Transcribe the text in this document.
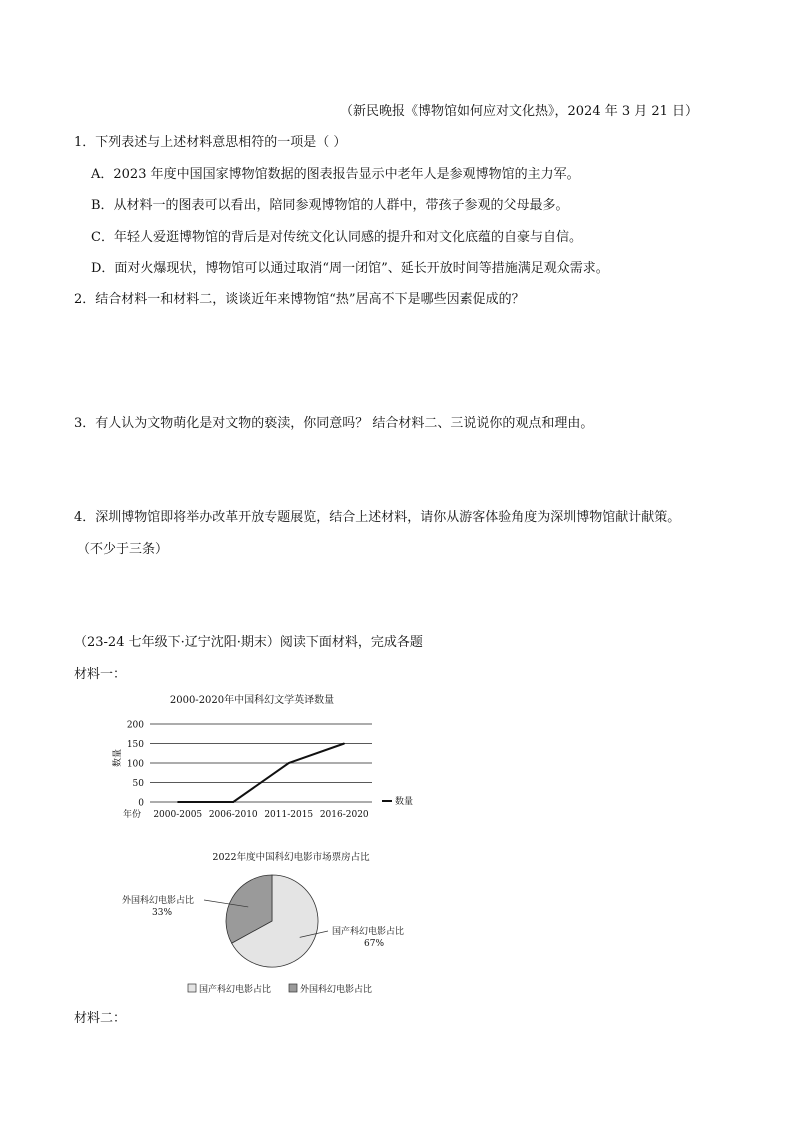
（新民晚报《博物馆如何应对文化热》，2024 年 3 月 21 日）
1．下列表述与上述材料意思相符的一项是（ ）
A．2023 年度中国国家博物馆数据的图表报告显示中老年人是参观博物馆的主力军。
B．从材料一的图表可以看出，陪同参观博物馆的人群中，带孩子参观的父母最多。
C．年轻人爱逛博物馆的背后是对传统文化认同感的提升和对文化底蕴的自豪与自信。
D．面对火爆现状，博物馆可以通过取消“周一闭馆”、延长开放时间等措施满足观众需求。
2．结合材料一和材料二，谈谈近年来博物馆“热”居高不下是哪些因素促成的？
3．有人认为文物萌化是对文物的亵渎，你同意吗？ 结合材料二、三说说你的观点和理由。
4．深圳博物馆即将举办改革开放专题展览，结合上述材料，请你从游客体验角度为深圳博物馆献计献策。
（不少于三条）
（23-24 七年级下·辽宁沈阳·期末）阅读下面材料，完成各题
材料一：
材料二：
2000-2020年中国科幻文学英译数量
0
50
100
150
200
数量
年份 2000-2005 2006-2010 2011-2015 2016-2020
数量
2022年度中国科幻电影市场票房占比
国产科幻电影占比
67%
外国科幻电影占比
33%
国产科幻电影占比	外国科幻电影占比
